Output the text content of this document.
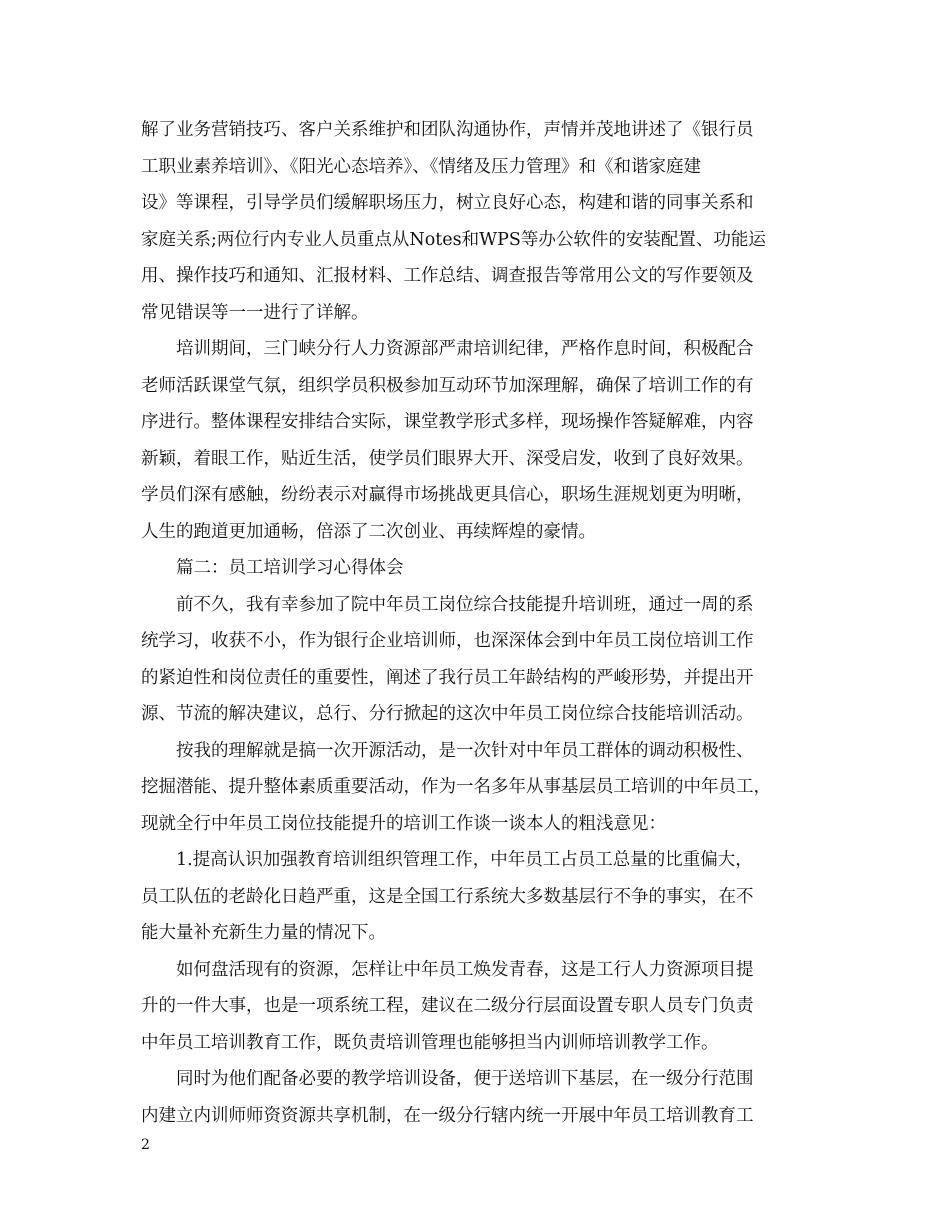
解了业务营销技巧、客户关系维护和团队沟通协作，声情并茂地讲述了《银行员
工职业素养培训》、《阳光心态培养》、《情绪及压力管理》和《和谐家庭建
设》等课程，引导学员们缓解职场压力，树立良好心态，构建和谐的同事关系和
家庭关系;两位行内专业人员重点从Notes和WPS等办公软件的安装配置、功能运
用、操作技巧和通知、汇报材料、工作总结、调查报告等常用公文的写作要领及
常见错误等一一进行了详解。
培训期间，三门峡分行人力资源部严肃培训纪律，严格作息时间，积极配合
老师活跃课堂气氛，组织学员积极参加互动环节加深理解，确保了培训工作的有
序进行。整体课程安排结合实际，课堂教学形式多样，现场操作答疑解难，内容
新颖，着眼工作，贴近生活，使学员们眼界大开、深受启发，收到了良好效果。
学员们深有感触，纷纷表示对赢得市场挑战更具信心，职场生涯规划更为明晰，
人生的跑道更加通畅，倍添了二次创业、再续辉煌的豪情。
篇二：员工培训学习心得体会
前不久，我有幸参加了院中年员工岗位综合技能提升培训班，通过一周的系
统学习，收获不小，作为银行企业培训师，也深深体会到中年员工岗位培训工作
的紧迫性和岗位责任的重要性，阐述了我行员工年龄结构的严峻形势，并提出开
源、节流的解决建议，总行、分行掀起的这次中年员工岗位综合技能培训活动。
按我的理解就是搞一次开源活动，是一次针对中年员工群体的调动积极性、
挖掘潜能、提升整体素质重要活动，作为一名多年从事基层员工培训的中年员工，
现就全行中年员工岗位技能提升的培训工作谈一谈本人的粗浅意见：
1.提高认识加强教育培训组织管理工作，中年员工占员工总量的比重偏大，
员工队伍的老龄化日趋严重，这是全国工行系统大多数基层行不争的事实，在不
能大量补充新生力量的情况下。
如何盘活现有的资源，怎样让中年员工焕发青春，这是工行人力资源项目提
升的一件大事，也是一项系统工程，建议在二级分行层面设置专职人员专门负责
中年员工培训教育工作，既负责培训管理也能够担当内训师培训教学工作。
同时为他们配备必要的教学培训设备，便于送培训下基层，在一级分行范围
内建立内训师师资资源共享机制，在一级分行辖内统一开展中年员工培训教育工
2
